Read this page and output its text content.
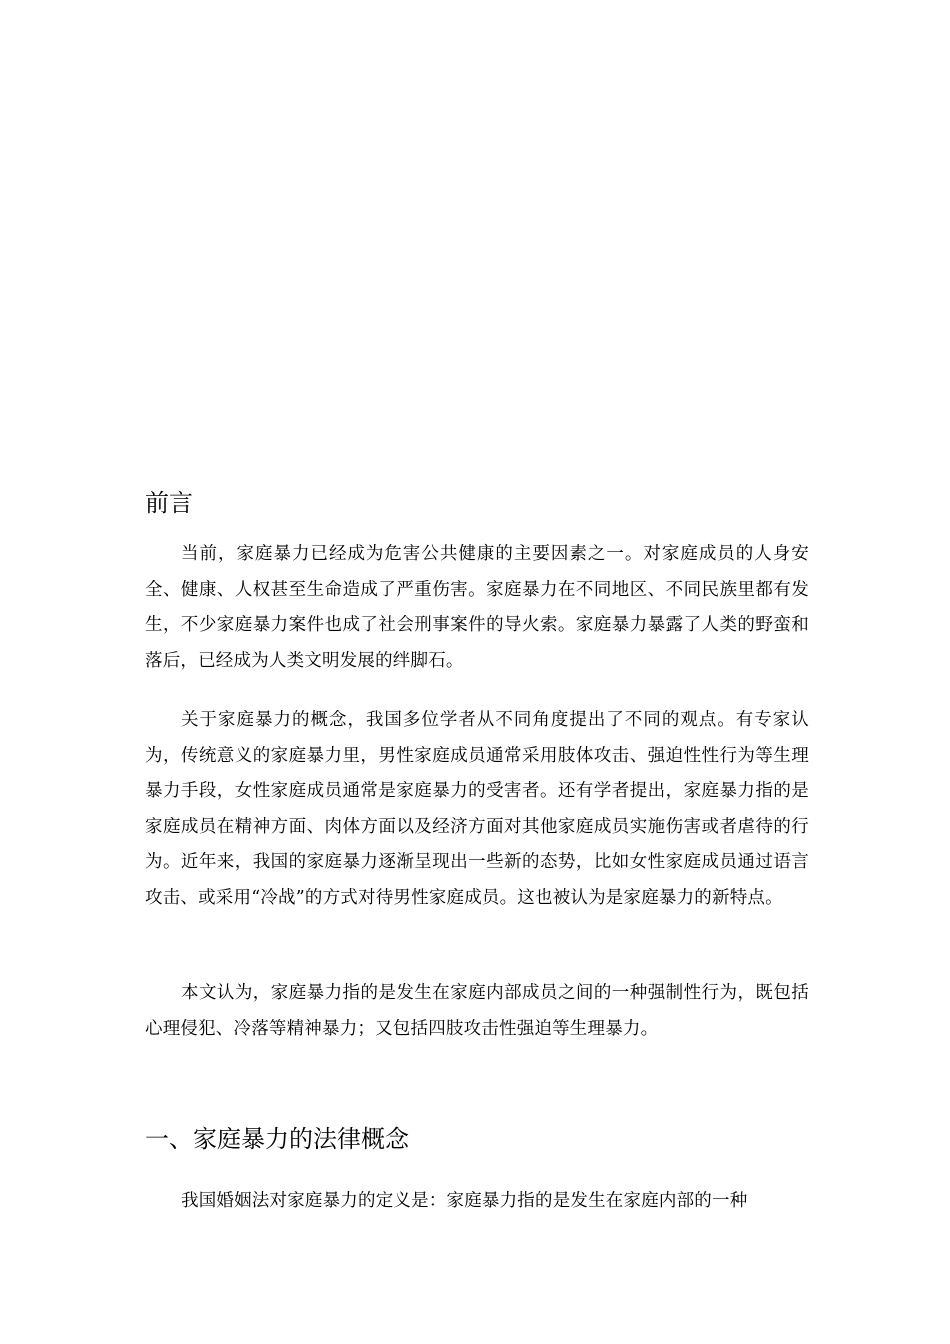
前言

当前，家庭暴力已经成为危害公共健康的主要因素之一。对家庭成员的人身安全、健康、人权甚至生命造成了严重伤害。家庭暴力在不同地区、不同民族里都有发生，不少家庭暴力案件也成了社会刑事案件的导火索。家庭暴力暴露了人类的野蛮和落后，已经成为人类文明发展的绊脚石。

关于家庭暴力的概念，我国多位学者从不同角度提出了不同的观点。有专家认为，传统意义的家庭暴力里，男性家庭成员通常采用肢体攻击、强迫性性行为等生理暴力手段，女性家庭成员通常是家庭暴力的受害者。还有学者提出，家庭暴力指的是家庭成员在精神方面、肉体方面以及经济方面对其他家庭成员实施伤害或者虐待的行为。近年来，我国的家庭暴力逐渐呈现出一些新的态势，比如女性家庭成员通过语言攻击、或采用“冷战”的方式对待男性家庭成员。这也被认为是家庭暴力的新特点。

本文认为，家庭暴力指的是发生在家庭内部成员之间的一种强制性行为，既包括心理侵犯、冷落等精神暴力；又包括四肢攻击性强迫等生理暴力。

一、家庭暴力的法律概念

我国婚姻法对家庭暴力的定义是：家庭暴力指的是发生在家庭内部的一种
